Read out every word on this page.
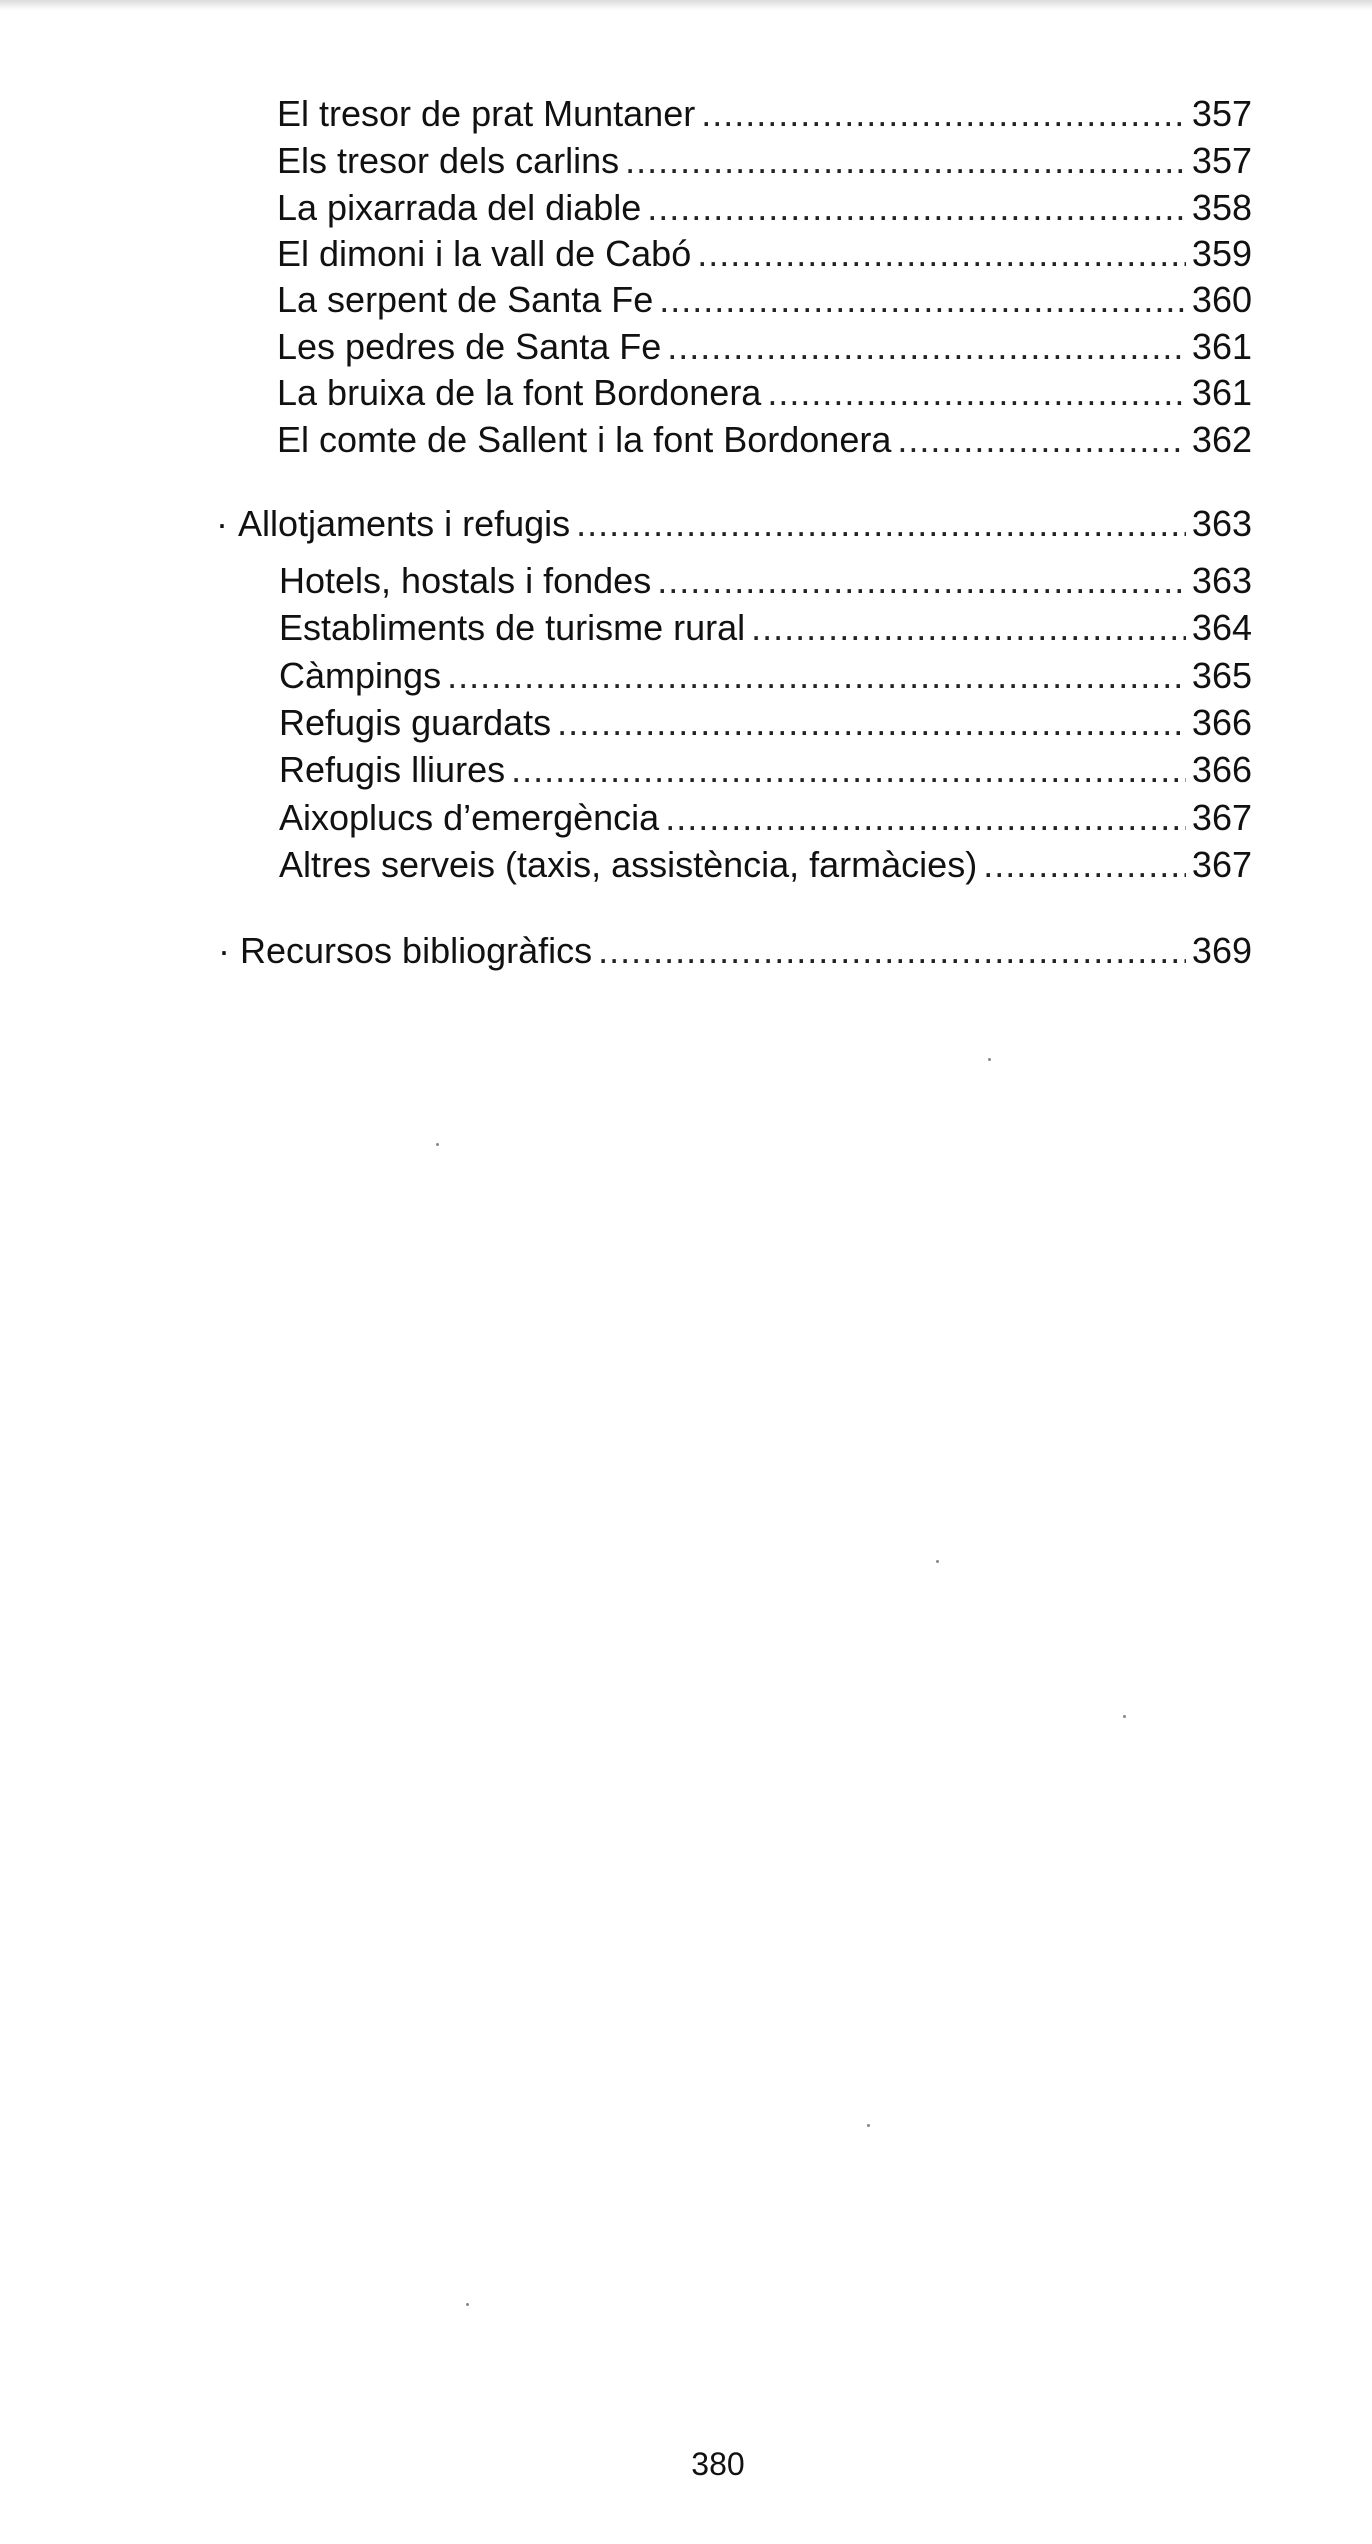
El tresor de prat Muntaner .....	357
Els tresor dels carlins .....	357
La pixarrada del diable .....	358
El dimoni i la vall de Cabó .....	359
La serpent de Santa Fe .....	360
Les pedres de Santa Fe .....	361
La bruixa de la font Bordonera .....	361
El comte de Sallent i la font Bordonera .....	362
· Allotjaments i refugis .....	363
Hotels, hostals i fondes .....	363
Establiments de turisme rural .....	364
Càmpings .....	365
Refugis guardats .....	366
Refugis lliures .....	366
Aixoplucs d’emergència .....	367
Altres serveis (taxis, assistència, farmàcies) .....	367
· Recursos bibliogràfics .....	369
380
